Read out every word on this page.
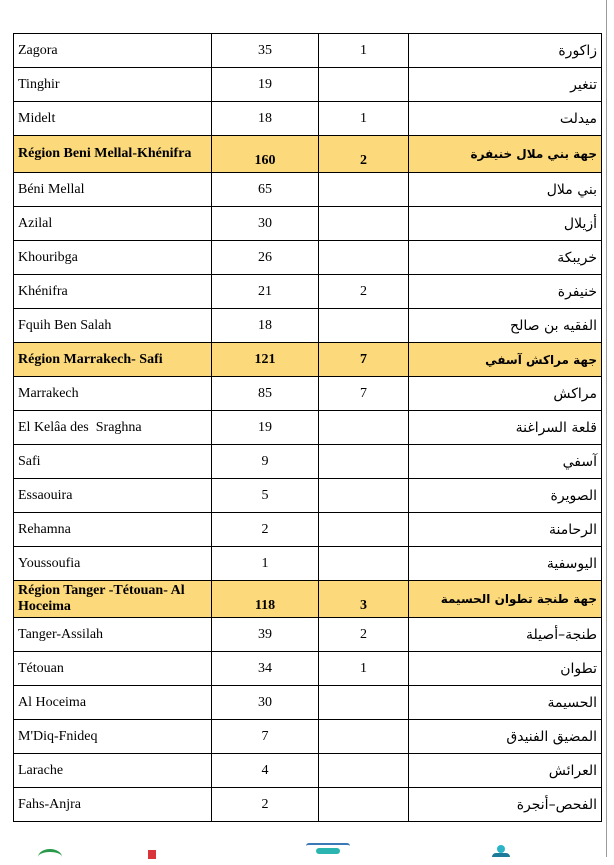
Zagora	35	1	زاكورة
Tinghir	19		تنغير
Midelt	18	1	ميدلت
Région Beni Mellal-Khénifra	160	2	جهة بني ملال خنيفرة
Béni Mellal	65		بني ملال
Azilal	30		أزيلال
Khouribga	26		خريبكة
Khénifra	21	2	خنيفرة
Fquih Ben Salah	18		الفقيه بن صالح
Région Marrakech- Safi	121	7	جهة مراكش آسفي
Marrakech	85	7	مراكش
El Kelâa des  Sraghna	19		قلعة السراغنة
Safi	9		آسفي
Essaouira	5		الصويرة
Rehamna	2		الرحامنة
Youssoufia	1		اليوسفية
Région Tanger -Tétouan- Al Hoceima	118	3	جهة طنجة تطوان الحسيمة
Tanger-Assilah	39	2	طنجة–أصيلة
Tétouan	34	1	تطوان
Al Hoceima	30		الحسيمة
M'Diq-Fnideq	7		المضيق الفنيدق
Larache	4		العرائش
Fahs-Anjra	2		الفحص–أنجرة
